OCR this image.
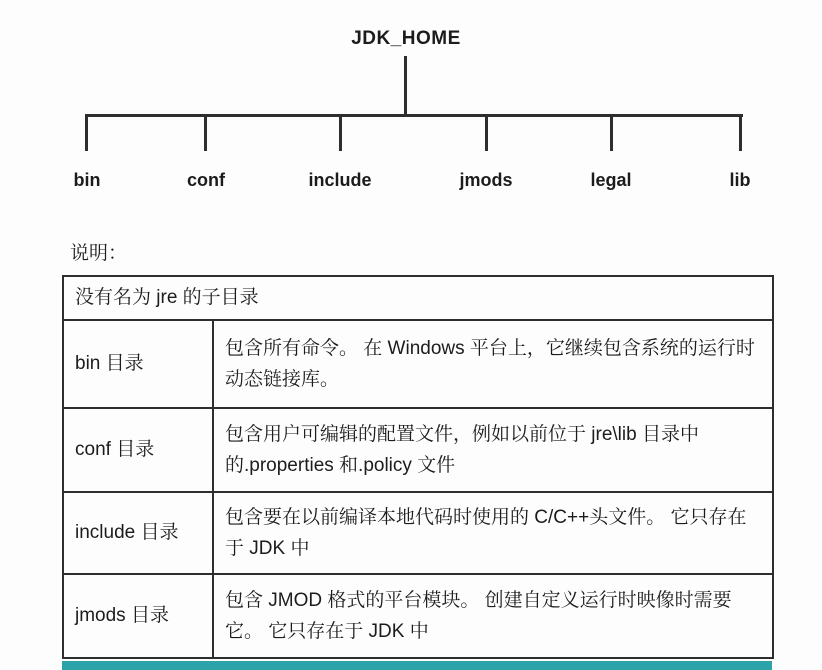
JDK_HOME
bin	conf	include	jmods	legal	lib
说明：
没有名为 jre 的子目录	
bin 目录	包含所有命令。 在 Windows 平台上，它继续包含系统的运行时动态链接库。
conf 目录	包含用户可编辑的配置文件，例如以前位于 jre\lib 目录中的.properties 和.policy 文件
include 目录	包含要在以前编译本地代码时使用的 C/C++头文件。 它只存在于 JDK 中
jmods 目录	包含 JMOD 格式的平台模块。 创建自定义运行时映像时需要它。 它只存在于 JDK 中
